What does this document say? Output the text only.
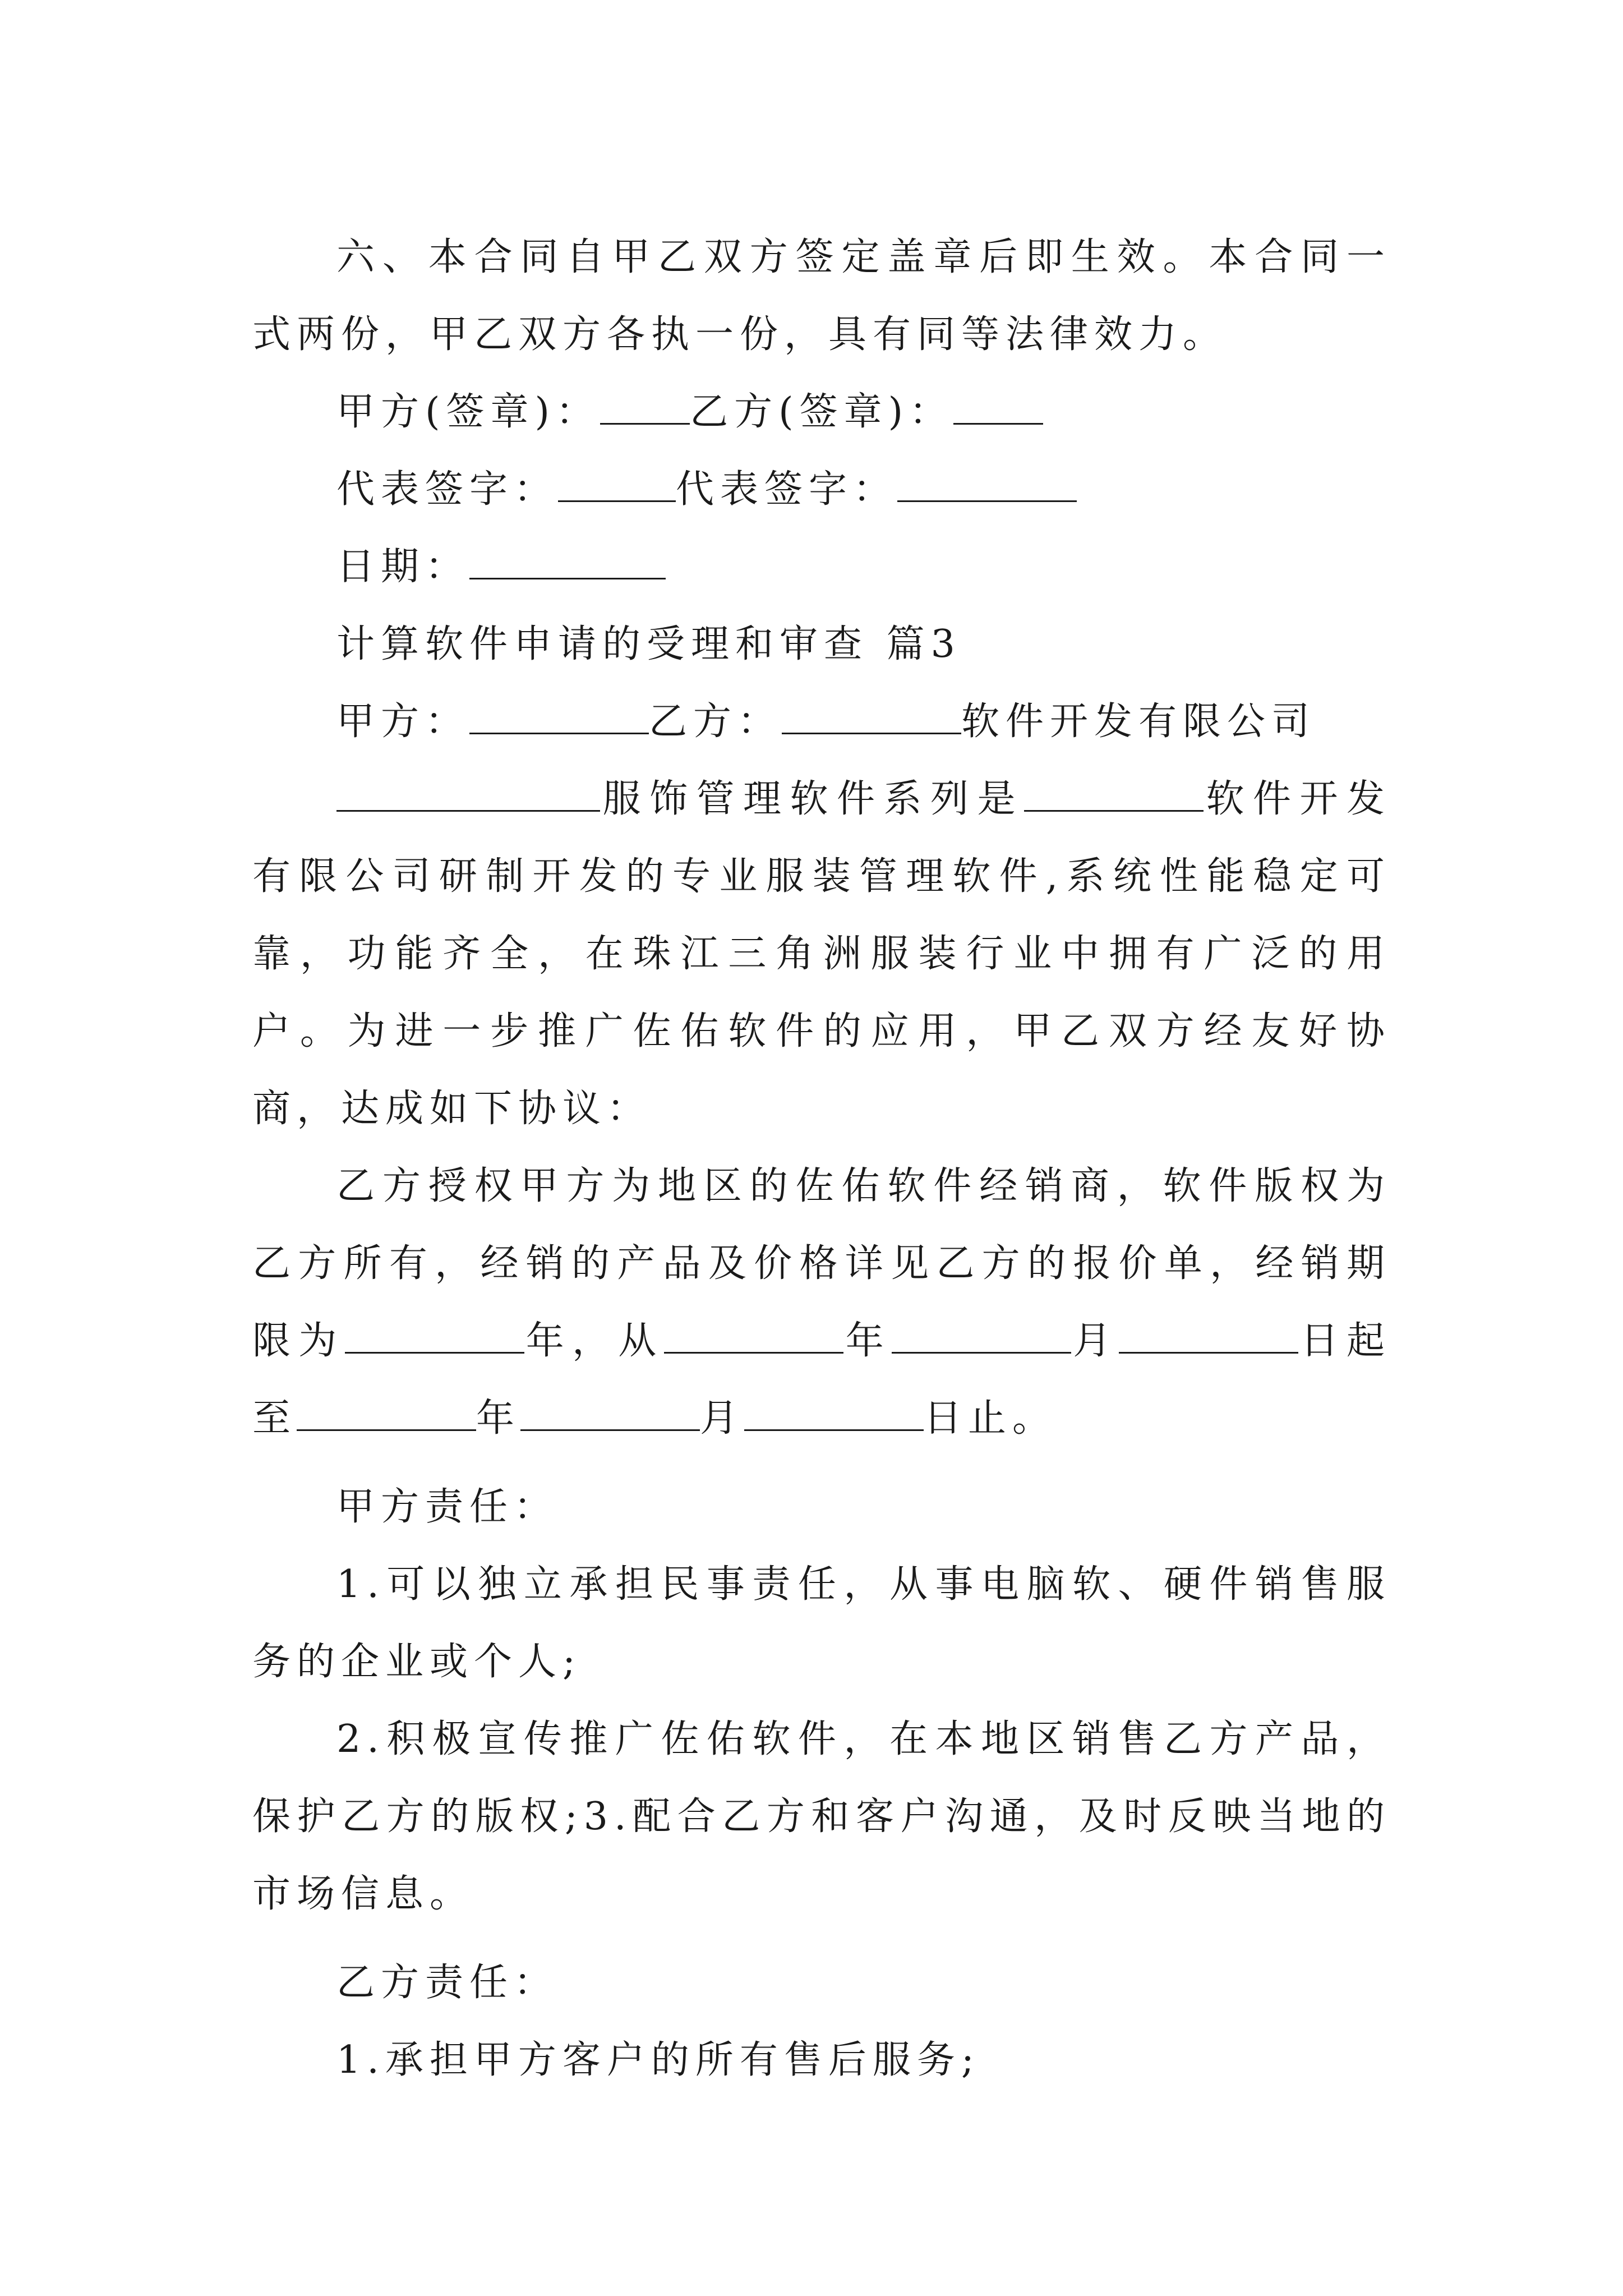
六、本合同自甲乙双方签定盖章后即生效。本合同一式两份，甲乙双方各执一份，具有同等法律效力。

甲方(签章)： 乙方(签章)：

代表签字：	代表签字：

日期：

计算软件申请的受理和审查 篇3

甲方：	乙方：	软件开发有限公司

服饰管理软件系列是	软件开发有限公司研制开发的专业服装管理软件,系统性能稳定可靠，功能齐全，在珠江三角洲服装行业中拥有广泛的用户。为进一步推广佐佑软件的应用，甲乙双方经友好协商，达成如下协议：

乙方授权甲方为地区的佐佑软件经销商，软件版权为乙方所有，经销的产品及价格详见乙方的报价单，经销期限为	年，从	年	月	日起至	年	月	日止。

甲方责任：

1.可以独立承担民事责任，从事电脑软、硬件销售服务的企业或个人;

2.积极宣传推广佐佑软件，在本地区销售乙方产品，保护乙方的版权;3.配合乙方和客户沟通，及时反映当地的市场信息。

乙方责任：

1.承担甲方客户的所有售后服务;
